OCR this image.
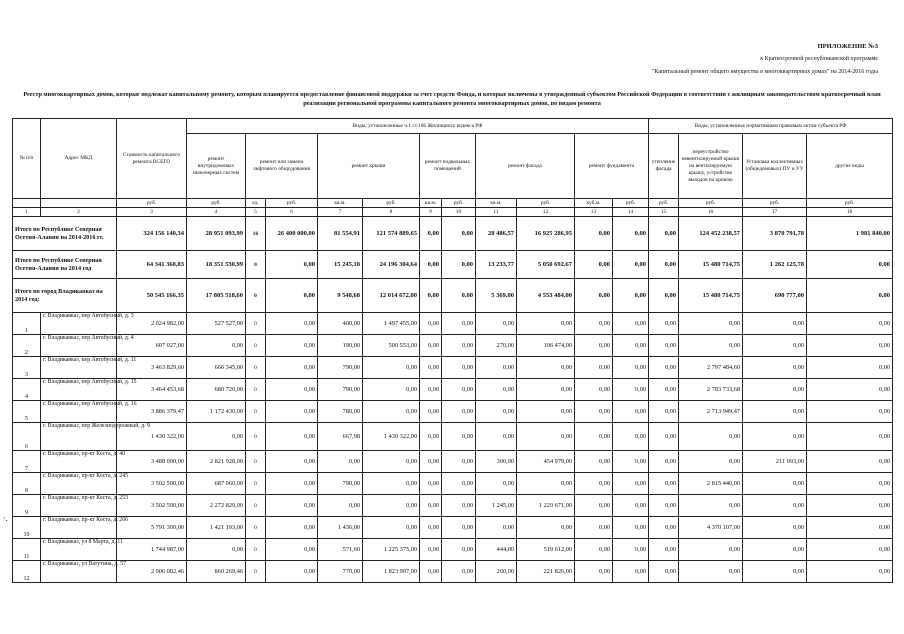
ПРИЛОЖЕНИЕ №3
к Краткосрочной республиканской программе
"Капитальный ремонт общего имущества в многоквартирных домах" на 2014-2016 годы
Реестр многоквартирных домов, которые подлежат капитальному ремонту, которым планируется предоставление финансовой поддержки за счет средств Фонда, и которые включены в утвержденный субъектом Российской Федерации в соответствии с жилищным законодательством краткосрочный план реализации региональной программы капитального ремонта многоквартирных домов, по видам ремонта
№ п/п	Адрес МКД	Стоимость капитального ремонта ВСЕГО	Виды, установленные ч.1 ст.166 Жилищного кодекса РФ											Виды, установленные нормативным правовым актом субъекта РФ			
			ремонт внутридомовых инженерных систем	ремонт или замена лифтового оборудования		ремонт крыши		ремонт подвальных помещений		ремонт фасада		ремонт фундамента		утепление фасада	переустройство невентилируемой крыши на вентилируемую крышу, устройство выходов на кровлю	Установка коллективных (общедомовых) ПУ и УУ	другие виды
		руб.	руб.	ед.	руб.	кв.м.	руб.	кв.м.	руб.	кв.м.	руб.	куб.м.	руб.	руб.	руб.	руб.	руб.
1	2	3	4	5	6	7	8	9	10	11	12	13	14	15	16	17	18
Итого по Республике Северная Осетия-Алания на 2014-2016 гг.		324 156 140,34	28 951 093,99	16	26 400 000,00	81 554,91	121 574 889,65	0,00	0,00	28 486,57	16 925 286,95	0,00	0,00	0,00	124 452 238,57	3 870 791,78	1 981 840,00
Итого по Республике Северная Осетия-Алания на 2014 год		64 341 368,83	18 351 530,99	0	0,00	15 245,18	24 196 304,64	0,00	0,00	13 233,77	5 050 692,67	0,00	0,00	0,00	15 480 714,75	1 262 125,78	0,00
Итого по город Владикавказ на 2014 год:		50 545 166,35	17 805 518,60	0	0,00	9 548,68	12 014 672,00	0,00	0,00	5 369,00	4 553 484,00	0,00	0,00	0,00	15 480 714,75	690 777,00	0,00
1	г. Владикавказ, пер Автобусный, д. 3	2 024 982,00	527 527,00	0	0,00	400,00	1 497 455,00	0,00	0,00	0,00	0,00	0,00	0,00	0,00	0,00	0,00	0,00
2	г. Владикавказ, пер Автобусный, д. 4	607 027,00	0,00	0	0,00	190,00	500 553,00	0,00	0,00	270,00	106 474,00	0,00	0,00	0,00	0,00	0,00	0,00
3	г. Владикавказ, пер Автобусный, д. 11	3 463 829,60	666 345,00	0	0,00	790,00	0,00	0,00	0,00	0,00	0,00	0,00	0,00	0,00	2 797 484,60	0,00	0,00
4	г. Владикавказ, пер Автобусный, д. 15	3 464 453,68	680 720,00	0	0,00	790,00	0,00	0,00	0,00	0,00	0,00	0,00	0,00	0,00	2 783 733,68	0,00	0,00
5	г. Владикавказ, пер Автобусный, д. 16	3 886 379,47	1 172 430,00	0	0,00	780,00	0,00	0,00	0,00	0,00	0,00	0,00	0,00	0,00	2 713 949,47	0,00	0,00
6	г. Владикавказ, пер Железнодорожный, д. 9	1 430 322,00	0,00	0	0,00	667,98	1 430 322,00	0,00	0,00	0,00	0,00	0,00	0,00	0,00	0,00	0,00	0,00
7	г. Владикавказ, пр-кт Коста, д. 40	3 488 000,00	2 821 928,00	0	0,00	0,00	0,00	0,00	0,00	300,00	454 979,00	0,00	0,00	0,00	0,00	211 093,00	0,00
8	г. Владикавказ, пр-кт Коста, д. 245	3 502 500,00	687 060,00	0	0,00	790,00	0,00	0,00	0,00	0,00	0,00	0,00	0,00	0,00	2 815 440,00	0,00	0,00
9	г. Владикавказ, пр-кт Коста, д. 253	3 502 500,00	2 272 829,00	0	0,00	0,00	0,00	0,00	0,00	1 245,00	1 229 671,00	0,00	0,00	0,00	0,00	0,00	0,00
10	г. Владикавказ, пр-кт Коста, д. 266	5 791 300,00	1 421 193,00	0	0,00	1 436,00	0,00	0,00	0,00	0,00	0,00	0,00	0,00	0,00	4 370 107,00	0,00	0,00
11	г. Владикавказ, ул 8 Марта, д. 11	1 744 987,00	0,00	0	0,00	571,60	1 225 375,00	0,00	0,00	444,00	519 612,00	0,00	0,00	0,00	0,00	0,00	0,00
12	г. Владикавказ, ул Ватутина, д. 57	2 906 002,46	860 269,46	0	0,00	770,00	1 823 907,00	0,00	0,00	260,00	221 826,00	0,00	0,00	0,00	0,00	0,00	0,00
·.
